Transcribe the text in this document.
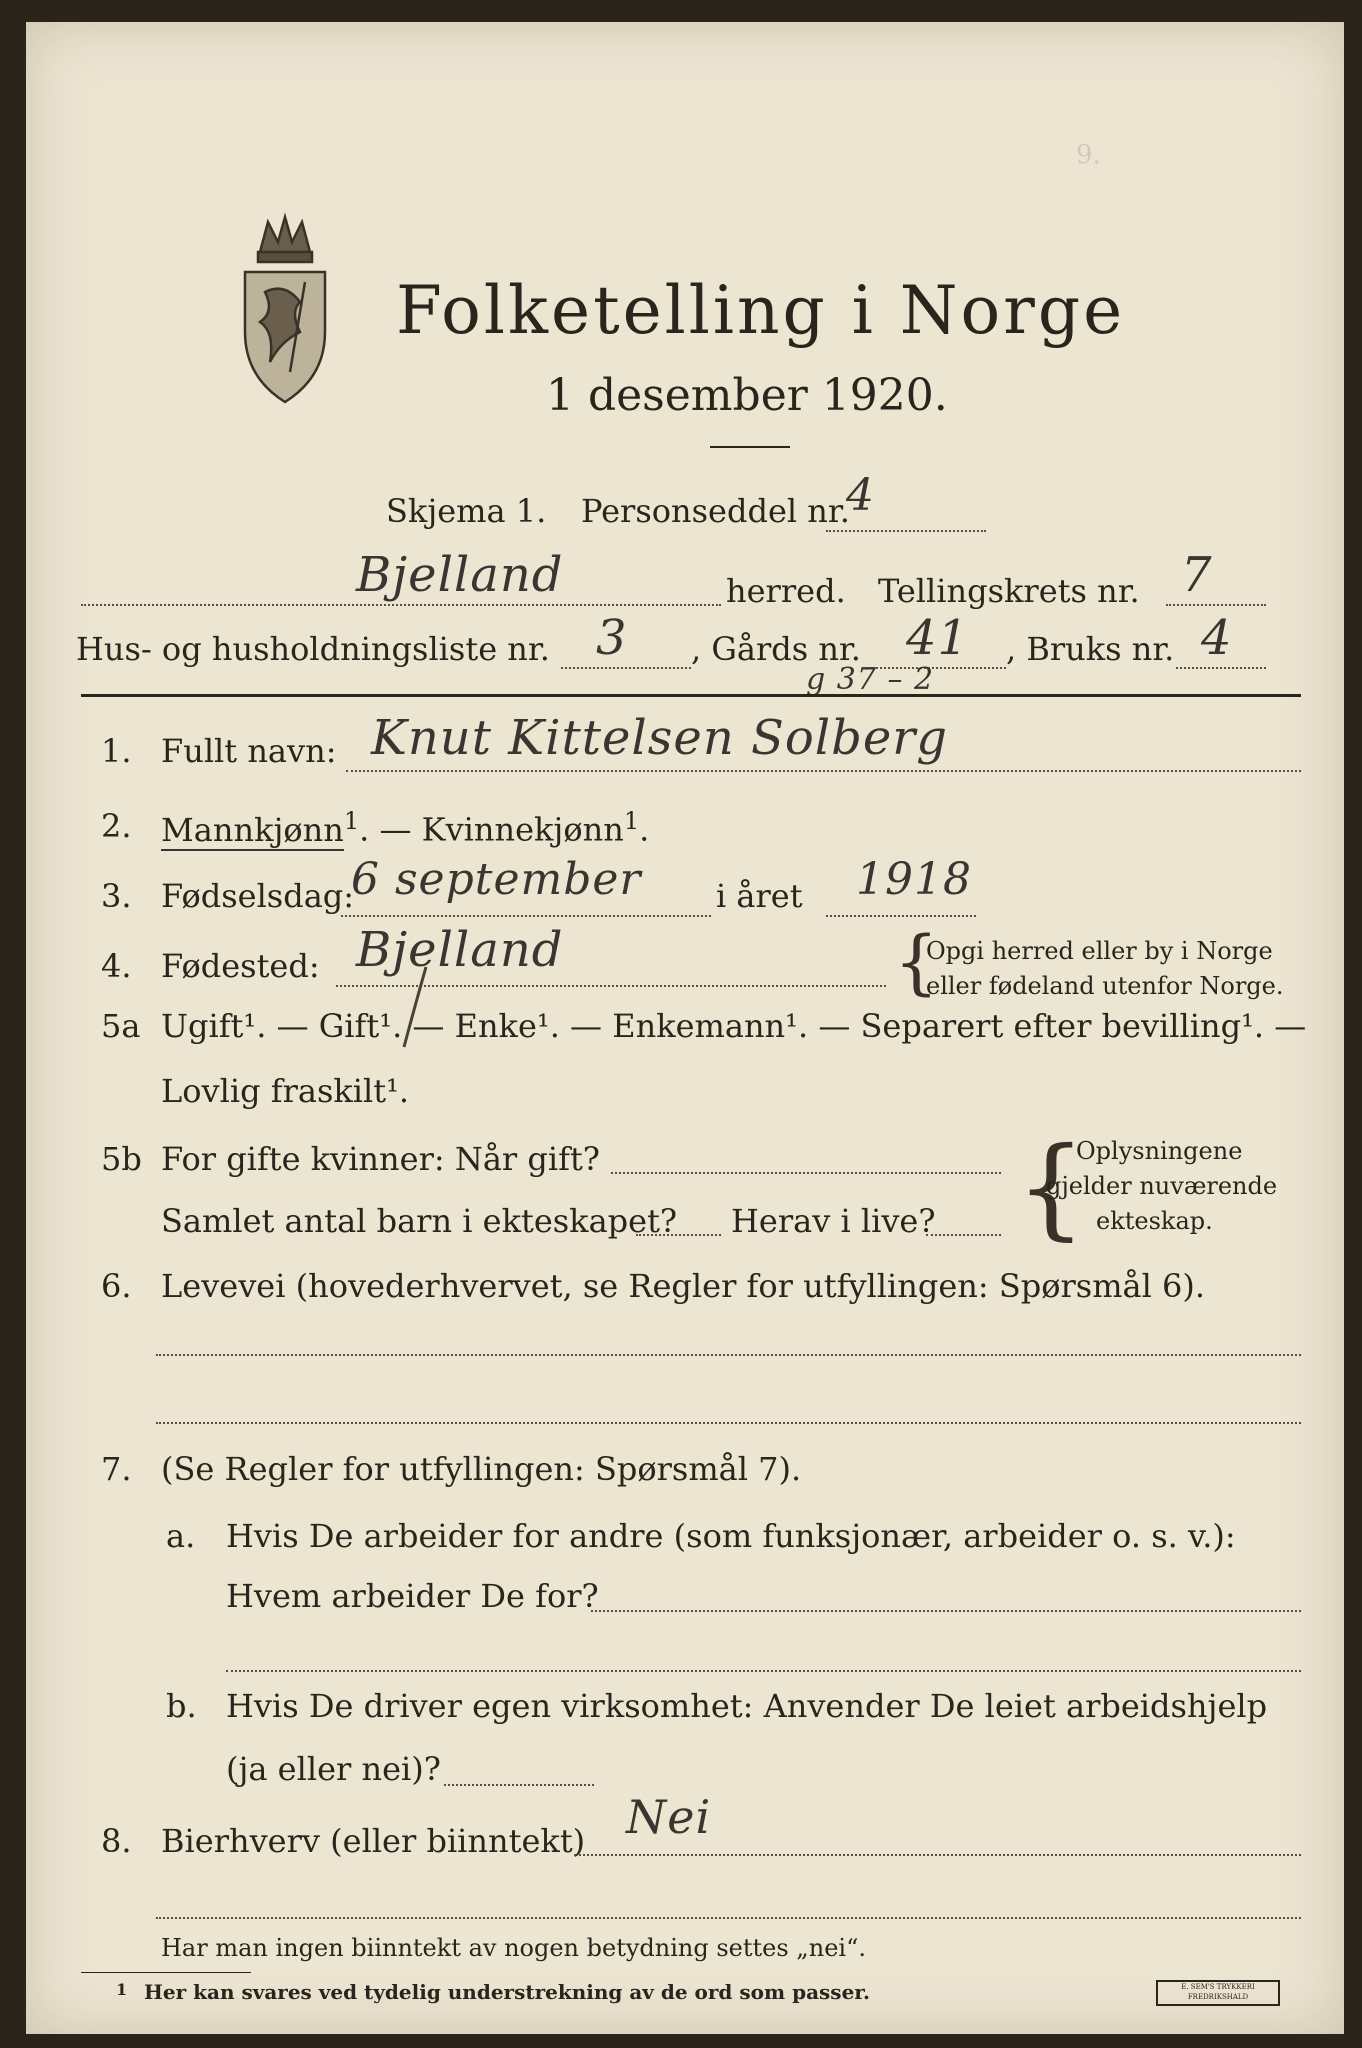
Folketelling i Norge
1 desember 1920.
9.
Skjema 1. Personseddel nr.
4
Bjelland	herred. Tellingskrets nr. 7
Hus- og husholdningsliste nr. 3 , Gårds nr. 41 , Bruks nr. 4
g 37 – 2
1. Fullt navn: Knut Kittelsen Solberg
2. Mannkjønn$^1$. — Kvinnekjønn$^1$.
3. Fødselsdag:
6 september i året 1918
4. Fødested: Bjelland	{
Opgi herred eller by i Norge
eller fødeland utenfor Norge.
5a Ugift¹. — Gift¹. — Enke¹. — Enkemann¹. — Separert efter bevilling¹. —
Lovlig fraskilt¹.
5b For gifte kvinner: Når gift?
Samlet antal barn i ekteskapet? Herav i live? {
Oplysningene
gjelder nuværende
ekteskap.
6. Levevei (hovederhvervet, se Regler for utfyllingen: Spørsmål 6).
7. (Se Regler for utfyllingen: Spørsmål 7).
a. Hvis De arbeider for andre (som funksjonær, arbeider o. s. v.):
Hvem arbeider De for?
b. Hvis De driver egen virksomhet: Anvender De leiet arbeidshjelp
(ja eller nei)?
8. Bierhverv (eller biinntekt) Nei
Har man ingen biinntekt av nogen betydning settes „nei“.
1 Her kan svares ved tydelig understrekning av de ord som passer.	E. SEM'S TRYKKERI FREDRIKSHALD
